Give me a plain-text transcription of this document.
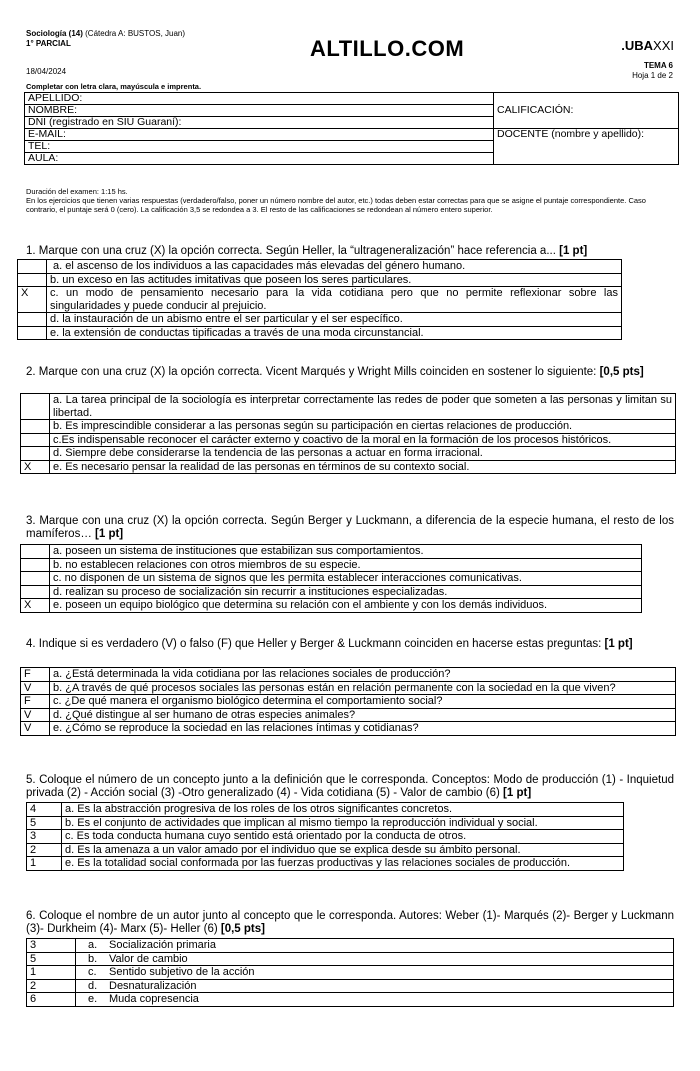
Sociología (14) (Cátedra A: BUSTOS, Juan)
1° PARCIAL
18/04/2024
ALTILLO.COM	.UBAXXI
TEMA 6
Hoja 1 de 2
Completar con letra clara, mayúscula e imprenta.
APELLIDO:	CALIFICACIÓN:
NOMBRE:	
DNI (registrado en SIU Guaraní):	
E-MAIL:	DOCENTE (nombre y apellido):
TEL:	
AULA:	
Duración del examen: 1:15 hs.
En los ejercicios que tienen varias respuestas (verdadero/falso, poner un número nombre del autor, etc.) todas deben estar correctas para que se asigne el puntaje correspondiente. Caso contrario, el puntaje será 0 (cero). La calificación 3,5 se redondea a 3. El resto de las calificaciones se redondean al número entero superior.
1. Marque con una cruz (X) la opción correcta. Según Heller, la “ultrageneralización” hace referencia a... [1 pt]
	a. el ascenso de los individuos a las capacidades más elevadas del género humano.
	b. un exceso en las actitudes imitativas que poseen los seres particulares.
X	c. un modo de pensamiento necesario para la vida cotidiana pero que no permite reflexionar sobre las singularidades y puede conducir al prejuicio.
	d. la instauración de un abismo entre el ser particular y el ser específico.
	e. la extensión de conductas tipificadas a través de una moda circunstancial.
2. Marque con una cruz (X) la opción correcta. Vicent Marqués y Wright Mills coinciden en sostener lo siguiente: [0,5 pts]
	a. La tarea principal de la sociología es interpretar correctamente las redes de poder que someten a las personas y limitan su libertad.
	b. Es imprescindible considerar a las personas según su participación en ciertas relaciones de producción.
	c.Es indispensable reconocer el carácter externo y coactivo de la moral en la formación de los procesos históricos.
	d. Siempre debe considerarse la tendencia de las personas a actuar en forma irracional.
X	e. Es necesario pensar la realidad de las personas en términos de su contexto social.
3. Marque con una cruz (X) la opción correcta. Según Berger y Luckmann, a diferencia de la especie humana, el resto de los mamíferos… [1 pt]
	a. poseen un sistema de instituciones que estabilizan sus comportamientos.
	b. no establecen relaciones con otros miembros de su especie.
	c. no disponen de un sistema de signos que les permita establecer interacciones comunicativas.
	d. realizan su proceso de socialización sin recurrir a instituciones especializadas.
X	e. poseen un equipo biológico que determina su relación con el ambiente y con los demás individuos.
4. Indique si es verdadero (V) o falso (F) que Heller y Berger & Luckmann coinciden en hacerse estas preguntas: [1 pt]
F	a. ¿Está determinada la vida cotidiana por las relaciones sociales de producción?
V	b. ¿A través de qué procesos sociales las personas están en relación permanente con la sociedad en la que viven?
F	c. ¿De qué manera el organismo biológico determina el comportamiento social?
V	d. ¿Qué distingue al ser humano de otras especies animales?
V	e. ¿Cómo se reproduce la sociedad en las relaciones íntimas y cotidianas?
5. Coloque el número de un concepto junto a la definición que le corresponda. Conceptos: Modo de producción (1) - Inquietud privada (2) - Acción social (3) -Otro generalizado (4) - Vida cotidiana (5) - Valor de cambio (6) [1 pt]
4	a. Es la abstracción progresiva de los roles de los otros significantes concretos.
5	b. Es el conjunto de actividades que implican al mismo tiempo la reproducción individual y social.
3	c. Es toda conducta humana cuyo sentido está orientado por la conducta de otros.
2	d. Es la amenaza a un valor amado por el individuo que se explica desde su ámbito personal.
1	e. Es la totalidad social conformada por las fuerzas productivas y las relaciones sociales de producción.
6. Coloque el nombre de un autor junto al concepto que le corresponda. Autores: Weber (1)- Marqués (2)- Berger y Luckmann (3)- Durkheim (4)- Marx (5)- Heller (6) [0,5 pts]
3	a. Socialización primaria
5	b. Valor de cambio
1	c. Sentido subjetivo de la acción
2	d. Desnaturalización
6	e. Muda copresencia
